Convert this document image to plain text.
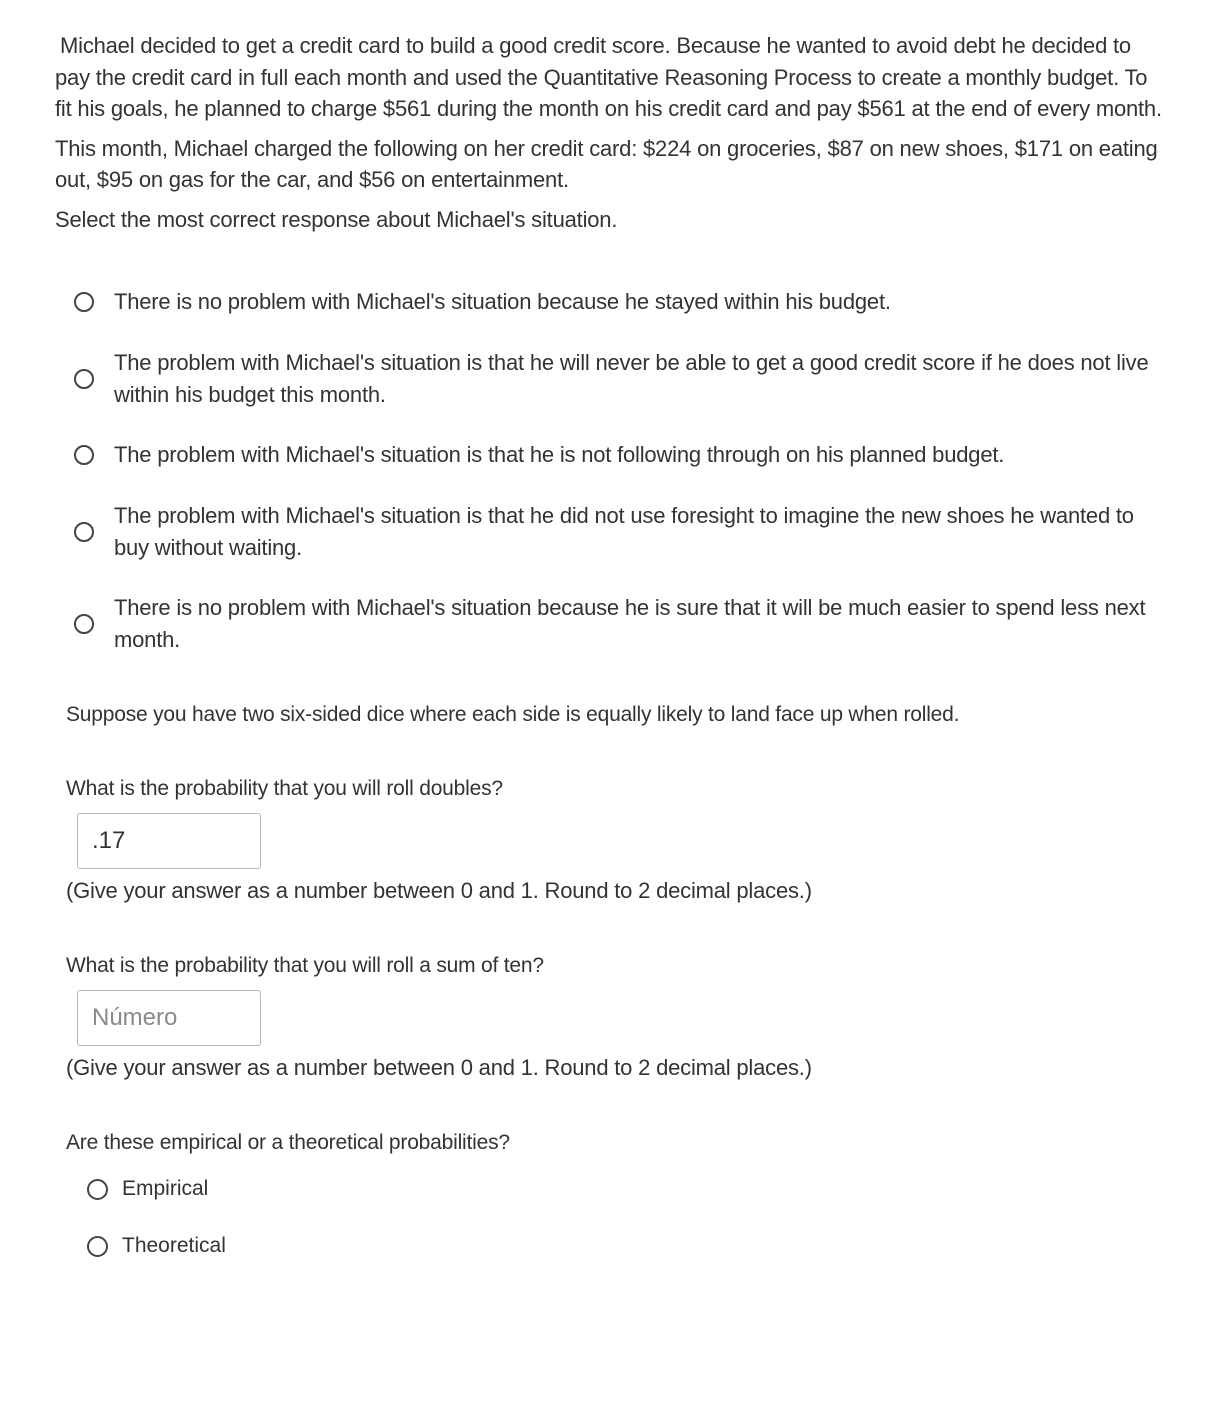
Michael decided to get a credit card to build a good credit score. Because he wanted to avoid debt he decided to pay the credit card in full each month and used the Quantitative Reasoning Process to create a monthly budget. To fit his goals, he planned to charge $561 during the month on his credit card and pay $561 at the end of every month.

This month, Michael charged the following on her credit card: $224 on groceries, $87 on new shoes, $171 on eating out, $95 on gas for the car, and $56 on entertainment.

Select the most correct response about Michael's situation.

There is no problem with Michael's situation because he stayed within his budget.
The problem with Michael's situation is that he will never be able to get a good credit score if he does not live within his budget this month.
The problem with Michael's situation is that he is not following through on his planned budget.
The problem with Michael's situation is that he did not use foresight to imagine the new shoes he wanted to buy without waiting.
There is no problem with Michael's situation because he is sure that it will be much easier to spend less next month.
Suppose you have two six-sided dice where each side is equally likely to land face up when rolled.
What is the probability that you will roll doubles?
.17
(Give your answer as a number between 0 and 1. Round to 2 decimal places.)
What is the probability that you will roll a sum of ten?
Número
(Give your answer as a number between 0 and 1. Round to 2 decimal places.)
Are these empirical or a theoretical probabilities?
Empirical
Theoretical
